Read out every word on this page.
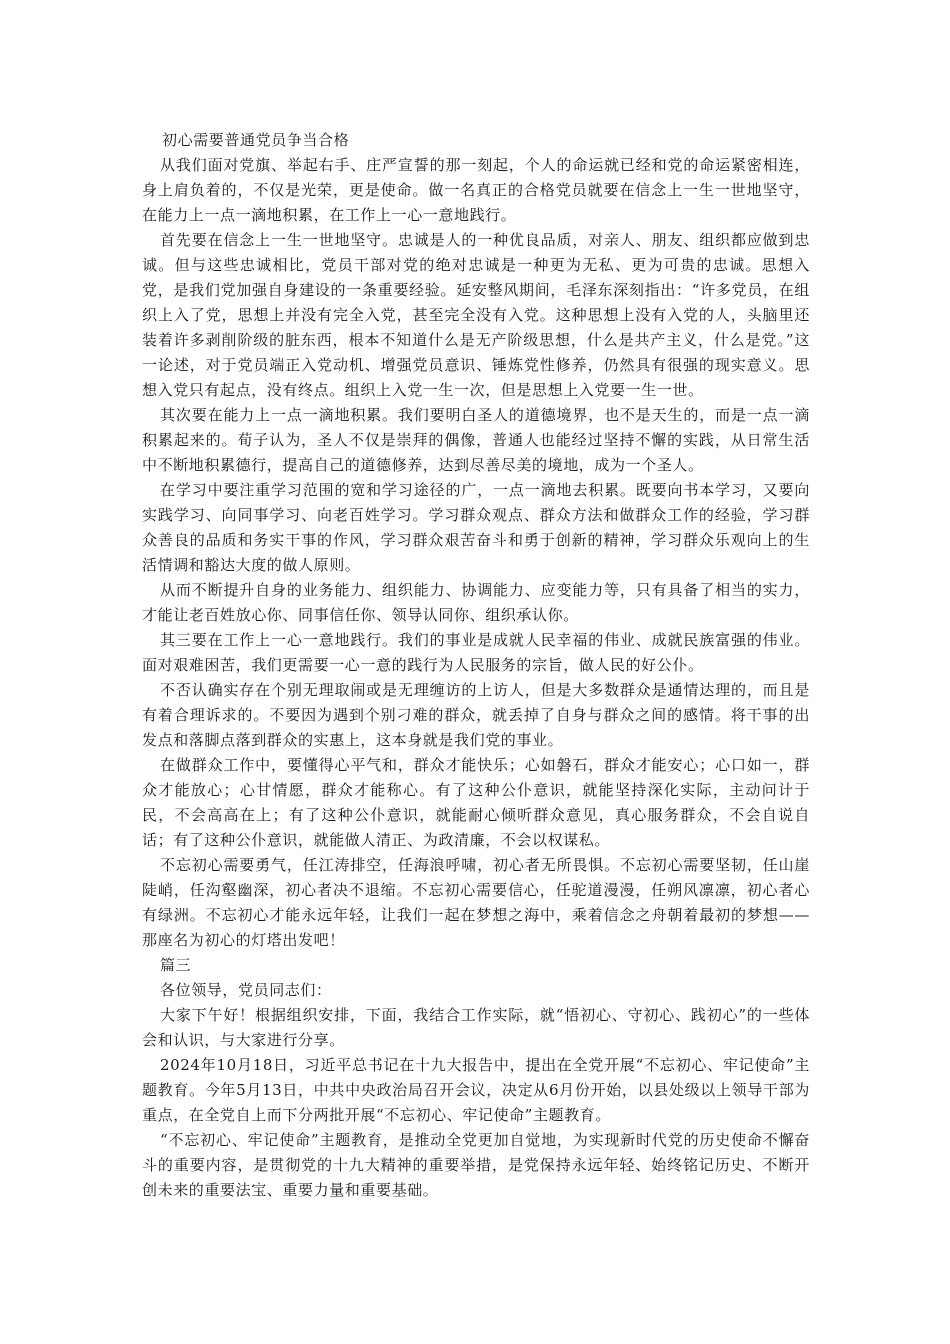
初心需要普通党员争当合格

从我们面对党旗、举起右手、庄严宣誓的那一刻起，个人的命运就已经和党的命运紧密相连，身上肩负着的，不仅是光荣，更是使命。做一名真正的合格党员就要在信念上一生一世地坚守，在能力上一点一滴地积累，在工作上一心一意地践行。

首先要在信念上一生一世地坚守。忠诚是人的一种优良品质，对亲人、朋友、组织都应做到忠诚。但与这些忠诚相比，党员干部对党的绝对忠诚是一种更为无私、更为可贵的忠诚。思想入党，是我们党加强自身建设的一条重要经验。延安整风期间，毛泽东深刻指出：“许多党员，在组织上入了党，思想上并没有完全入党，甚至完全没有入党。这种思想上没有入党的人，头脑里还装着许多剥削阶级的脏东西，根本不知道什么是无产阶级思想，什么是共产主义，什么是党。”这一论述，对于党员端正入党动机、增强党员意识、锤炼党性修养，仍然具有很强的现实意义。思想入党只有起点，没有终点。组织上入党一生一次，但是思想上入党要一生一世。

其次要在能力上一点一滴地积累。我们要明白圣人的道德境界，也不是天生的，而是一点一滴积累起来的。荀子认为，圣人不仅是崇拜的偶像，普通人也能经过坚持不懈的实践，从日常生活中不断地积累德行，提高自己的道德修养，达到尽善尽美的境地，成为一个圣人。

在学习中要注重学习范围的宽和学习途径的广，一点一滴地去积累。既要向书本学习，又要向实践学习、向同事学习、向老百姓学习。学习群众观点、群众方法和做群众工作的经验，学习群众善良的品质和务实干事的作风，学习群众艰苦奋斗和勇于创新的精神，学习群众乐观向上的生活情调和豁达大度的做人原则。

从而不断提升自身的业务能力、组织能力、协调能力、应变能力等，只有具备了相当的实力，才能让老百姓放心你、同事信任你、领导认同你、组织承认你。

其三要在工作上一心一意地践行。我们的事业是成就人民幸福的伟业、成就民族富强的伟业。面对艰难困苦，我们更需要一心一意的践行为人民服务的宗旨，做人民的好公仆。

不否认确实存在个别无理取闹或是无理缠访的上访人，但是大多数群众是通情达理的，而且是有着合理诉求的。不要因为遇到个别刁难的群众，就丢掉了自身与群众之间的感情。将干事的出发点和落脚点落到群众的实惠上，这本身就是我们党的事业。

在做群众工作中，要懂得心平气和，群众才能快乐；心如磐石，群众才能安心；心口如一，群众才能放心；心甘情愿，群众才能称心。有了这种公仆意识，就能坚持深化实际，主动问计于民，不会高高在上；有了这种公仆意识，就能耐心倾听群众意见，真心服务群众，不会自说自话；有了这种公仆意识，就能做人清正、为政清廉，不会以权谋私。

不忘初心需要勇气，任江涛排空，任海浪呼啸，初心者无所畏惧。不忘初心需要坚韧，任山崖陡峭，任沟壑幽深，初心者决不退缩。不忘初心需要信心，任驼道漫漫，任朔风凛凛，初心者心有绿洲。不忘初心才能永远年轻，让我们一起在梦想之海中，乘着信念之舟朝着最初的梦想——那座名为初心的灯塔出发吧！

篇三

各位领导，党员同志们：

大家下午好！根据组织安排，下面，我结合工作实际，就“悟初心、守初心、践初心”的一些体会和认识，与大家进行分享。

2024年10月18日，习近平总书记在十九大报告中，提出在全党开展“不忘初心、牢记使命”主题教育。今年5月13日，中共中央政治局召开会议，决定从6月份开始，以县处级以上领导干部为重点，在全党自上而下分两批开展“不忘初心、牢记使命”主题教育。

“不忘初心、牢记使命”主题教育，是推动全党更加自觉地，为实现新时代党的历史使命不懈奋斗的重要内容，是贯彻党的十九大精神的重要举措，是党保持永远年轻、始终铭记历史、不断开创未来的重要法宝、重要力量和重要基础。
